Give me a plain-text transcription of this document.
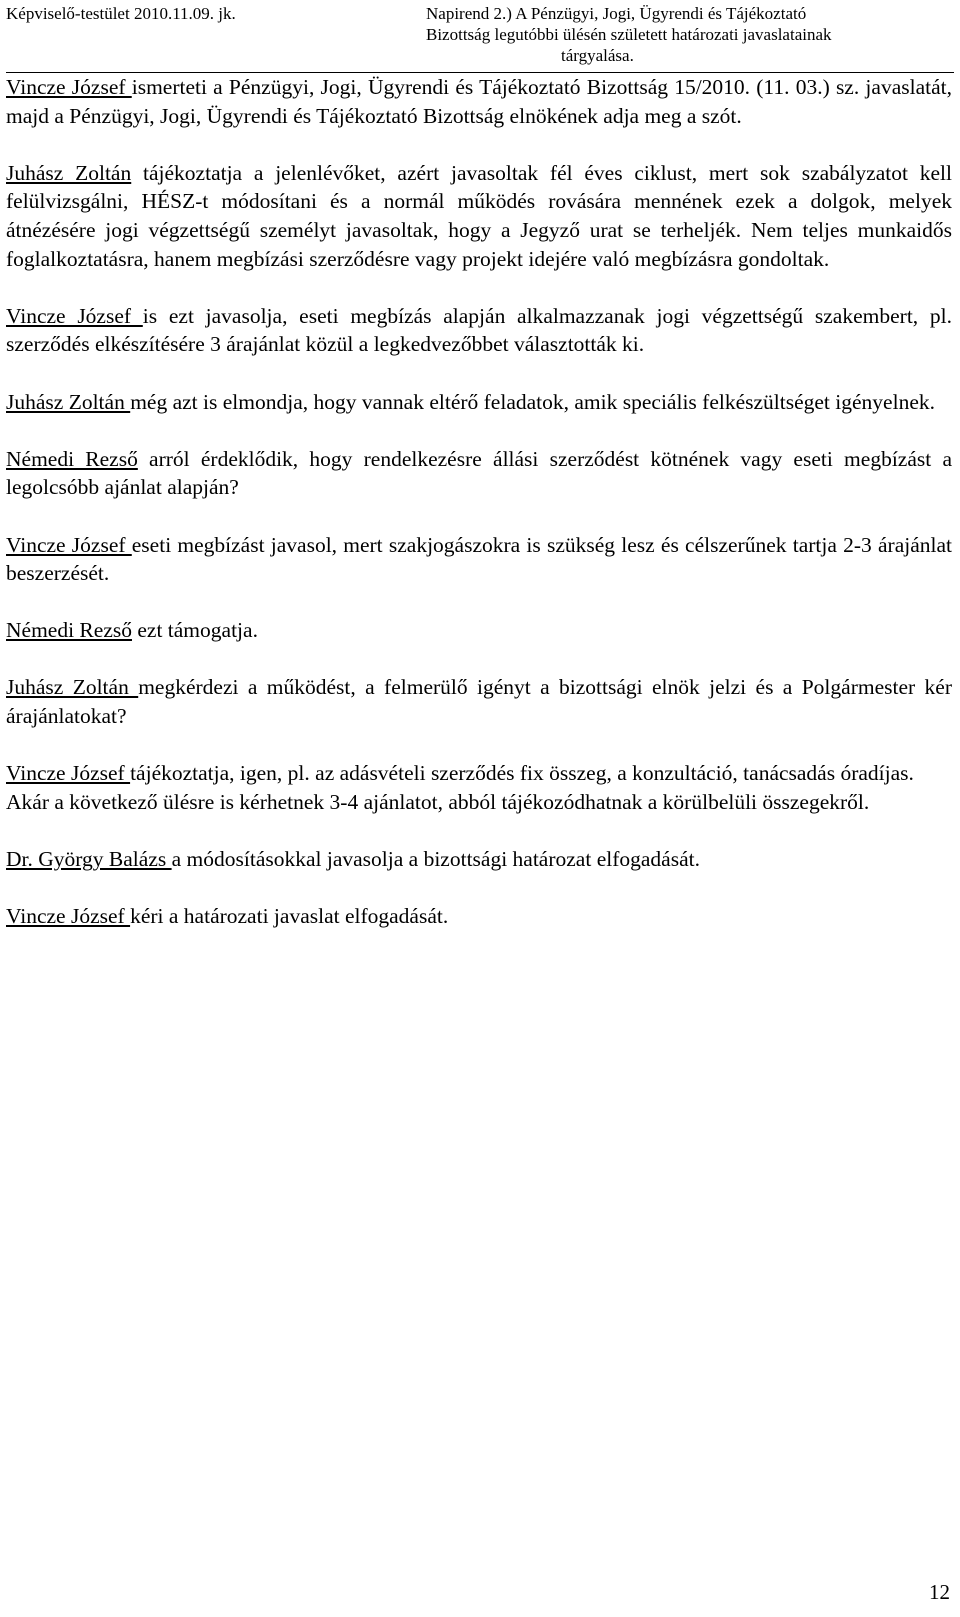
Képviselő-testület 2010.11.09. jk.	Napirend 2.) A Pénzügyi, Jogi, Ügyrendi és Tájékoztató
Bizottság legutóbbi ülésén született határozati javaslatainak
tárgyalása.

Vincze József ismerteti a Pénzügyi, Jogi, Ügyrendi és Tájékoztató Bizottság 15/2010. (11. 03.) sz. javaslatát, majd a Pénzügyi, Jogi, Ügyrendi és Tájékoztató Bizottság elnökének adja meg a szót.

Juhász Zoltán tájékoztatja a jelenlévőket, azért javasoltak fél éves ciklust, mert sok szabályzatot kell felülvizsgálni, HÉSZ-t módosítani és a normál működés rovására mennének ezek a dolgok, melyek átnézésére jogi végzettségű személyt javasoltak, hogy a Jegyző urat se terheljék. Nem teljes munkaidős foglalkoztatásra, hanem megbízási szerződésre vagy projekt idejére való megbízásra gondoltak.

Vincze József is ezt javasolja, eseti megbízás alapján alkalmazzanak jogi végzettségű szakembert, pl. szerződés elkészítésére 3 árajánlat közül a legkedvezőbbet választották ki.

Juhász Zoltán még azt is elmondja, hogy vannak eltérő feladatok, amik speciális felkészültséget igényelnek.

Némedi Rezső arról érdeklődik, hogy rendelkezésre állási szerződést kötnének vagy eseti megbízást a legolcsóbb ajánlat alapján?

Vincze József eseti megbízást javasol, mert szakjogászokra is szükség lesz és célszerűnek tartja 2-3 árajánlat beszerzését.

Némedi Rezső ezt támogatja.

Juhász Zoltán megkérdezi a működést, a felmerülő igényt a bizottsági elnök jelzi és a Polgármester kér árajánlatokat?

Vincze József tájékoztatja, igen, pl. az adásvételi szerződés fix összeg, a konzultáció, tanácsadás óradíjas.

Akár a következő ülésre is kérhetnek 3-4 ajánlatot, abból tájékozódhatnak a körülbelüli összegekről.

Dr. György Balázs a módosításokkal javasolja a bizottsági határozat elfogadását.

Vincze József kéri a határozati javaslat elfogadását.

12
